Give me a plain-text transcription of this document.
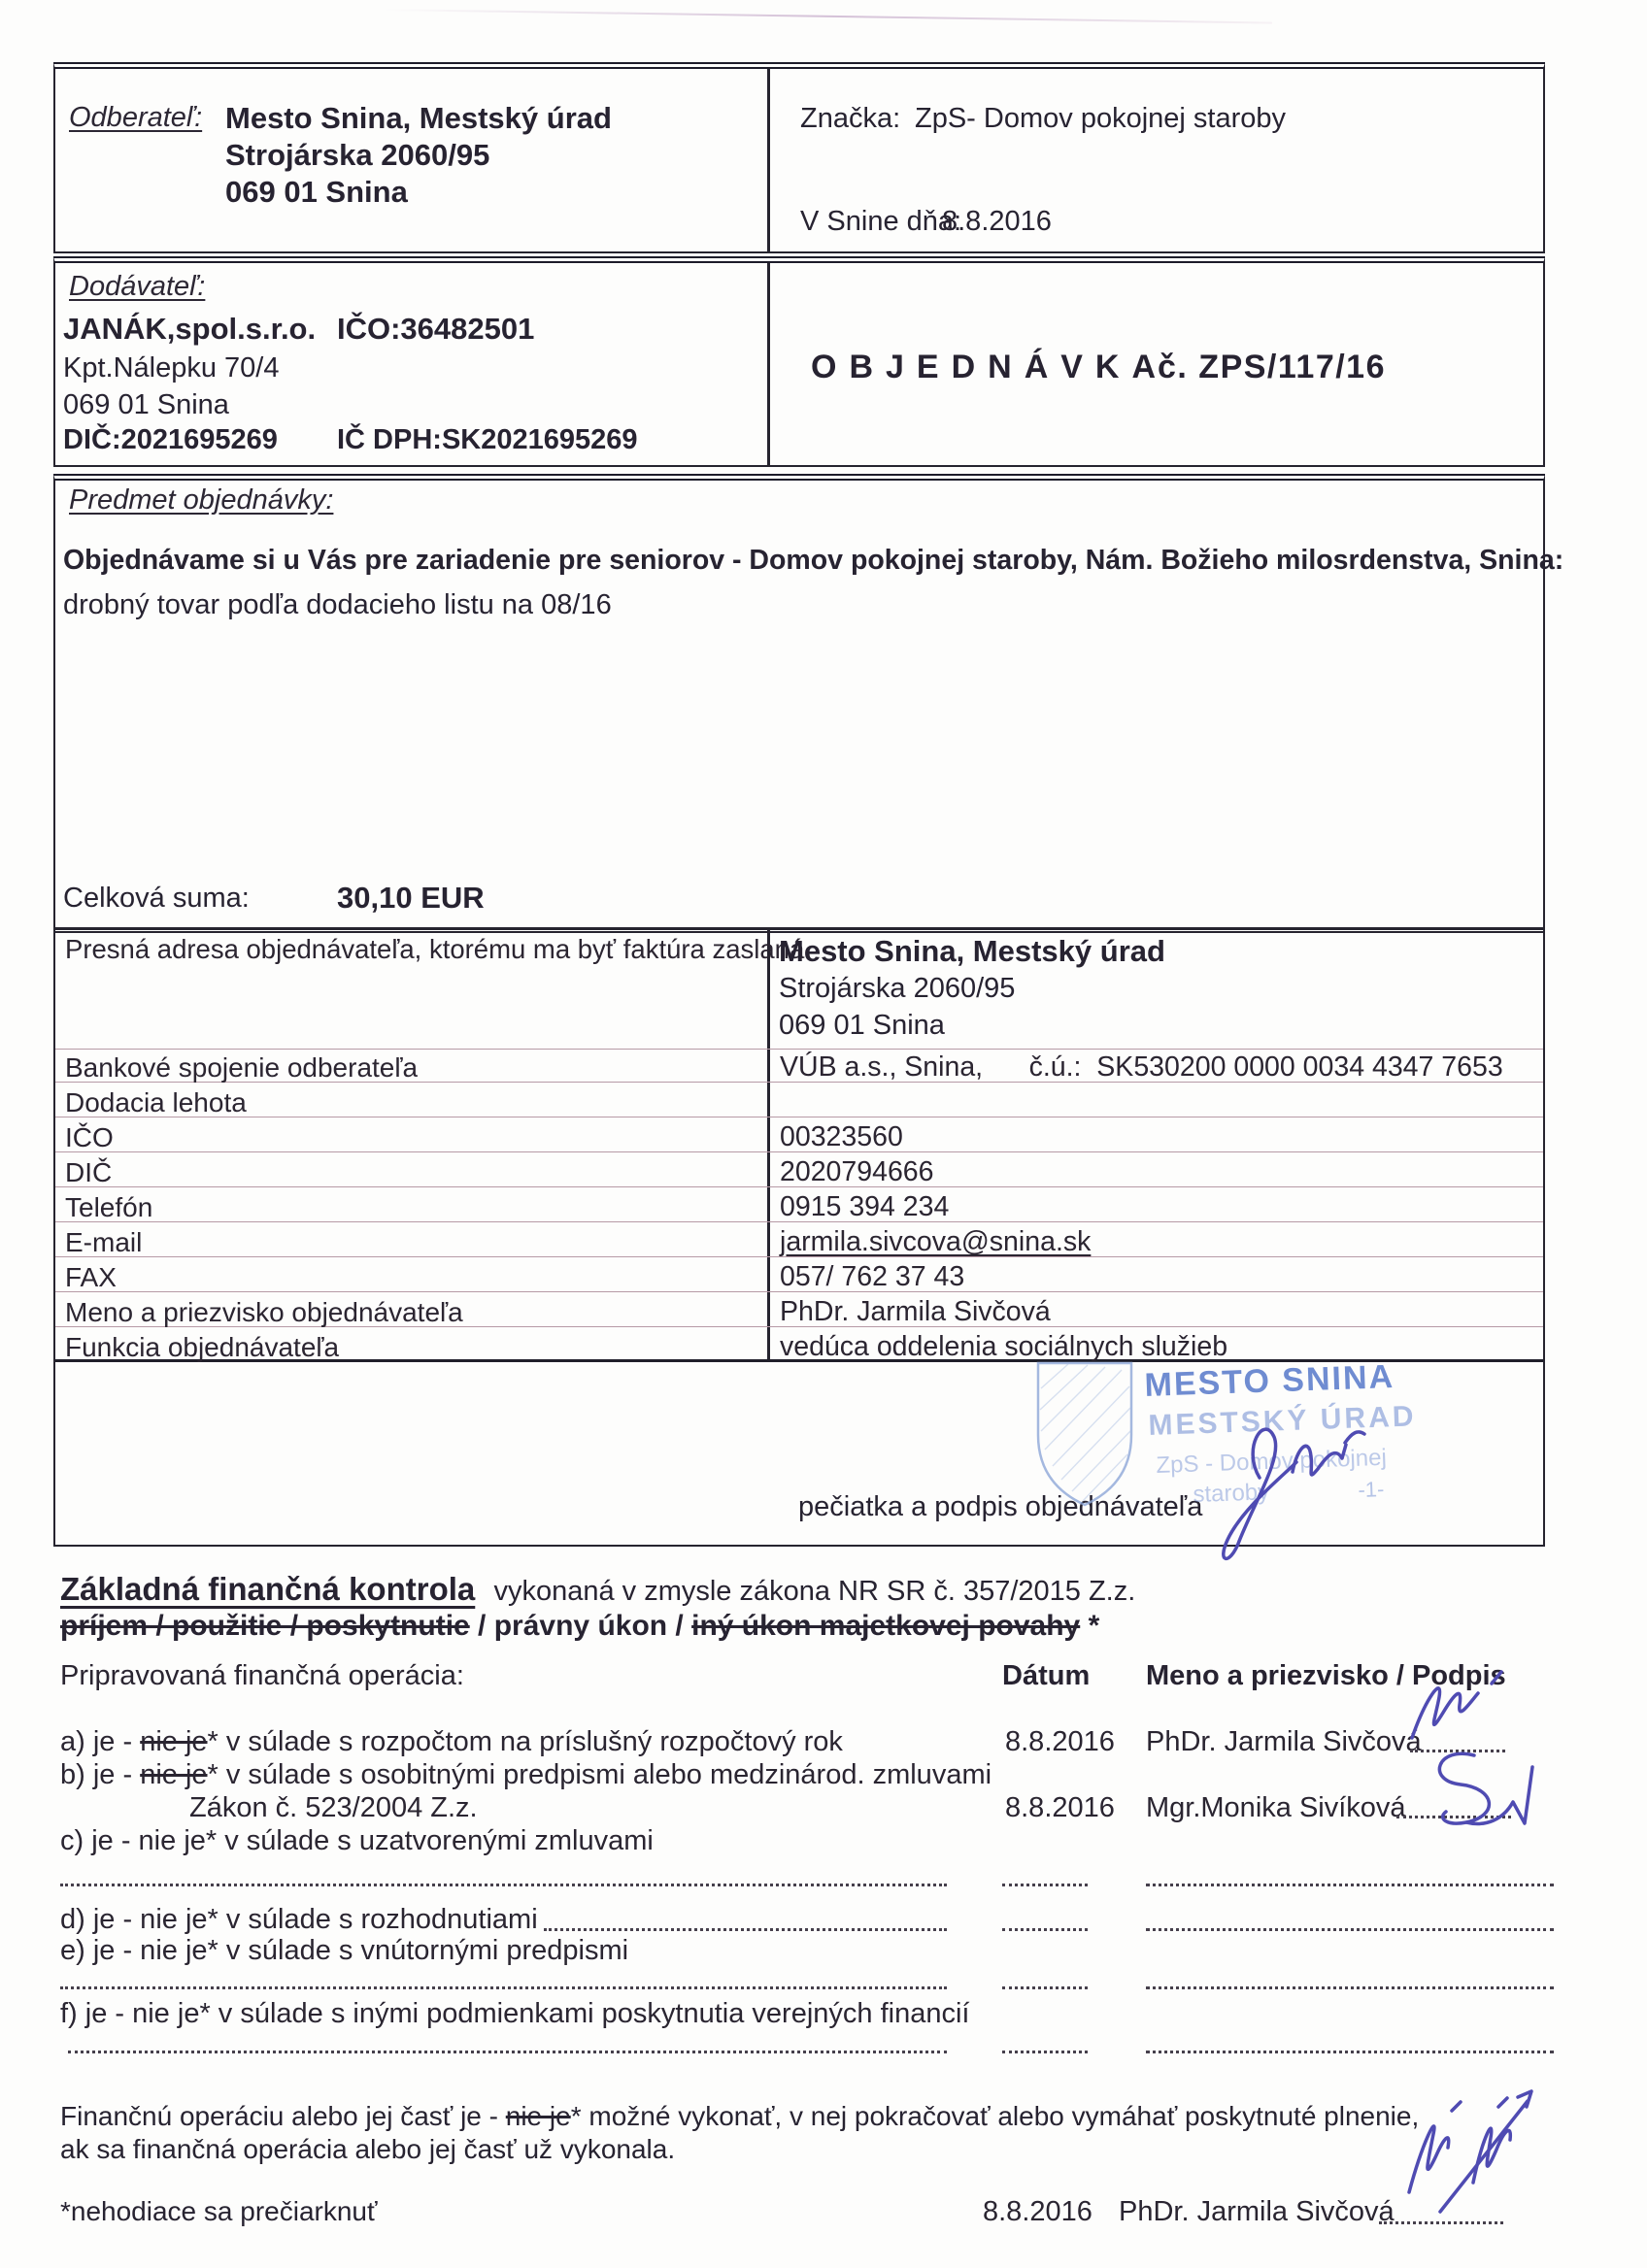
Odberateľ: Mesto Snina, Mestský úrad
Strojárska 2060/95
069 01 Snina
Značka: ZpS- Domov pokojnej staroby
V Snine dňa:
8.8.2016
Dodávateľ:
JANÁK,spol.s.r.o. IČO:36482501
Kpt.Nálepku 70/4
069 01 Snina
DIČ:2021695269 IČ DPH:SK2021695269
OBJEDNÁVKA
č. ZPS/117/16
Predmet objednávky:
Objednávame si u Vás pre zariadenie pre seniorov - Domov pokojnej staroby, Nám. Božieho milosrdenstva, Snina:
drobný tovar podľa dodacieho listu na 08/16
Celková suma:	30,10 EUR
Presná adresa objednávateľa, ktorému ma byť faktúra zaslaná
Mesto Snina, Mestský úrad
Strojárska 2060/95
069 01 Snina
Bankové spojenie odberateľa	VÚB a.s., Snina,      č.ú.:  SK530200 0000 0034 4347 7653
Dodacia lehota
IČO	00323560
DIČ	2020794666
Telefón	0915 394 234
E-mail	jarmila.sivcova@snina.sk
FAX	057/ 762 37 43
Meno a priezvisko objednávateľa	PhDr. Jarmila Sivčová
Funkcia objednávateľa	vedúca oddelenia sociálnych služieb
pečiatka a podpis objednávateľa
MESTO SNINA
MESTSKÝ ÚRAD
ZpS - Domov pokojnej
staroby	-1-
Základná finančná kontrola vykonaná v zmysle zákona NR SR č. 357/2015 Z.z.
príjem / použitie / poskytnutie / právny úkon / iný úkon majetkovej povahy *
Pripravovaná finančná operácia:	Dátum Meno a priezvisko / Podpis
a) je - nie je* v súlade s rozpočtom na príslušný rozpočtový rok	8.8.2016 PhDr. Jarmila Sivčová
b) je - nie je* v súlade s osobitnými predpismi alebo medzinárod. zmluvami
Zákon č. 523/2004 Z.z.	8.8.2016 Mgr.Monika Sivíková
c) je - nie je* v súlade s uzatvorenými zmluvami
d) je - nie je* v súlade s rozhodnutiami
e) je - nie je* v súlade s vnútornými predpismi
f) je - nie je* v súlade s inými podmienkami poskytnutia verejných financií
Finančnú operáciu alebo jej časť je - nie je* možné vykonať, v nej pokračovať alebo vymáhať poskytnuté plnenie,
ak sa finančná operácia alebo jej časť už vykonala.
*nehodiace sa prečiarknuť	8.8.2016 PhDr. Jarmila Sivčová
